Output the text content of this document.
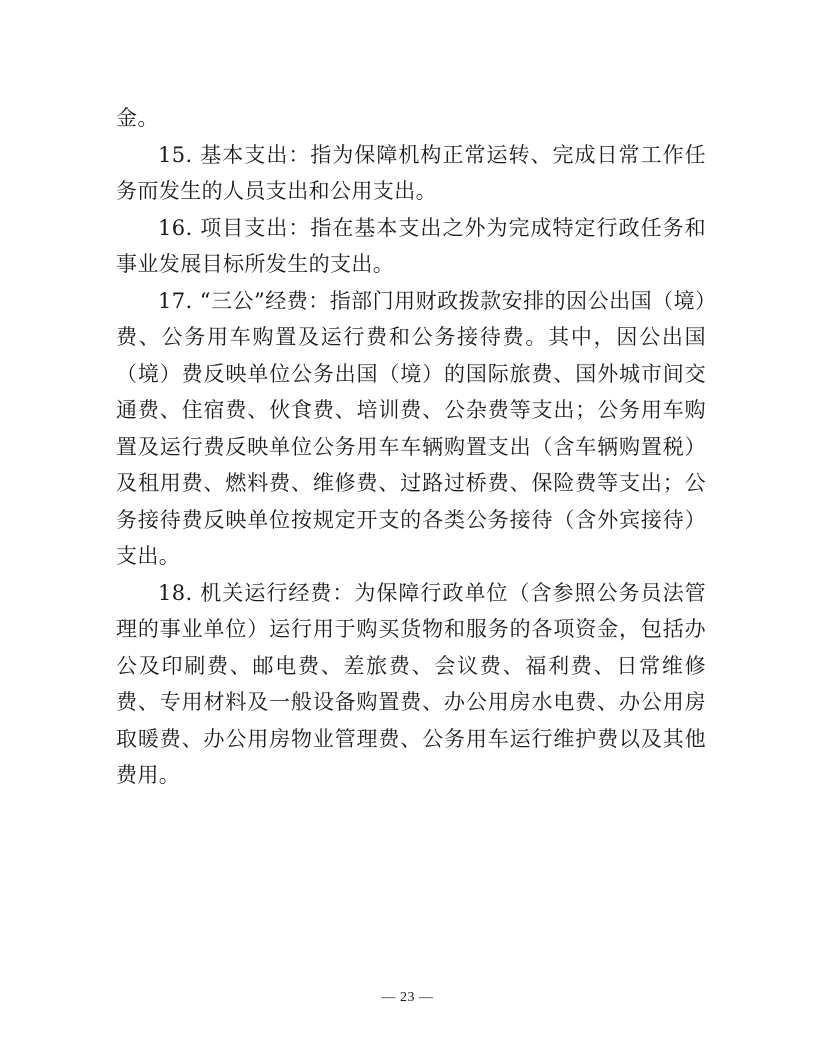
金。

15. 基本支出：指为保障机构正常运转、完成日常工作任务而发生的人员支出和公用支出。

16. 项目支出：指在基本支出之外为完成特定行政任务和事业发展目标所发生的支出。

17. “三公”经费：指部门用财政拨款安排的因公出国（境）费、公务用车购置及运行费和公务接待费。其中，因公出国（境）费反映单位公务出国（境）的国际旅费、国外城市间交通费、住宿费、伙食费、培训费、公杂费等支出；公务用车购置及运行费反映单位公务用车车辆购置支出（含车辆购置税）及租用费、燃料费、维修费、过路过桥费、保险费等支出；公务接待费反映单位按规定开支的各类公务接待（含外宾接待）支出。

18. 机关运行经费：为保障行政单位（含参照公务员法管理的事业单位）运行用于购买货物和服务的各项资金，包括办公及印刷费、邮电费、差旅费、会议费、福利费、日常维修费、专用材料及一般设备购置费、办公用房水电费、办公用房取暖费、办公用房物业管理费、公务用车运行维护费以及其他费用。

— 23 —
